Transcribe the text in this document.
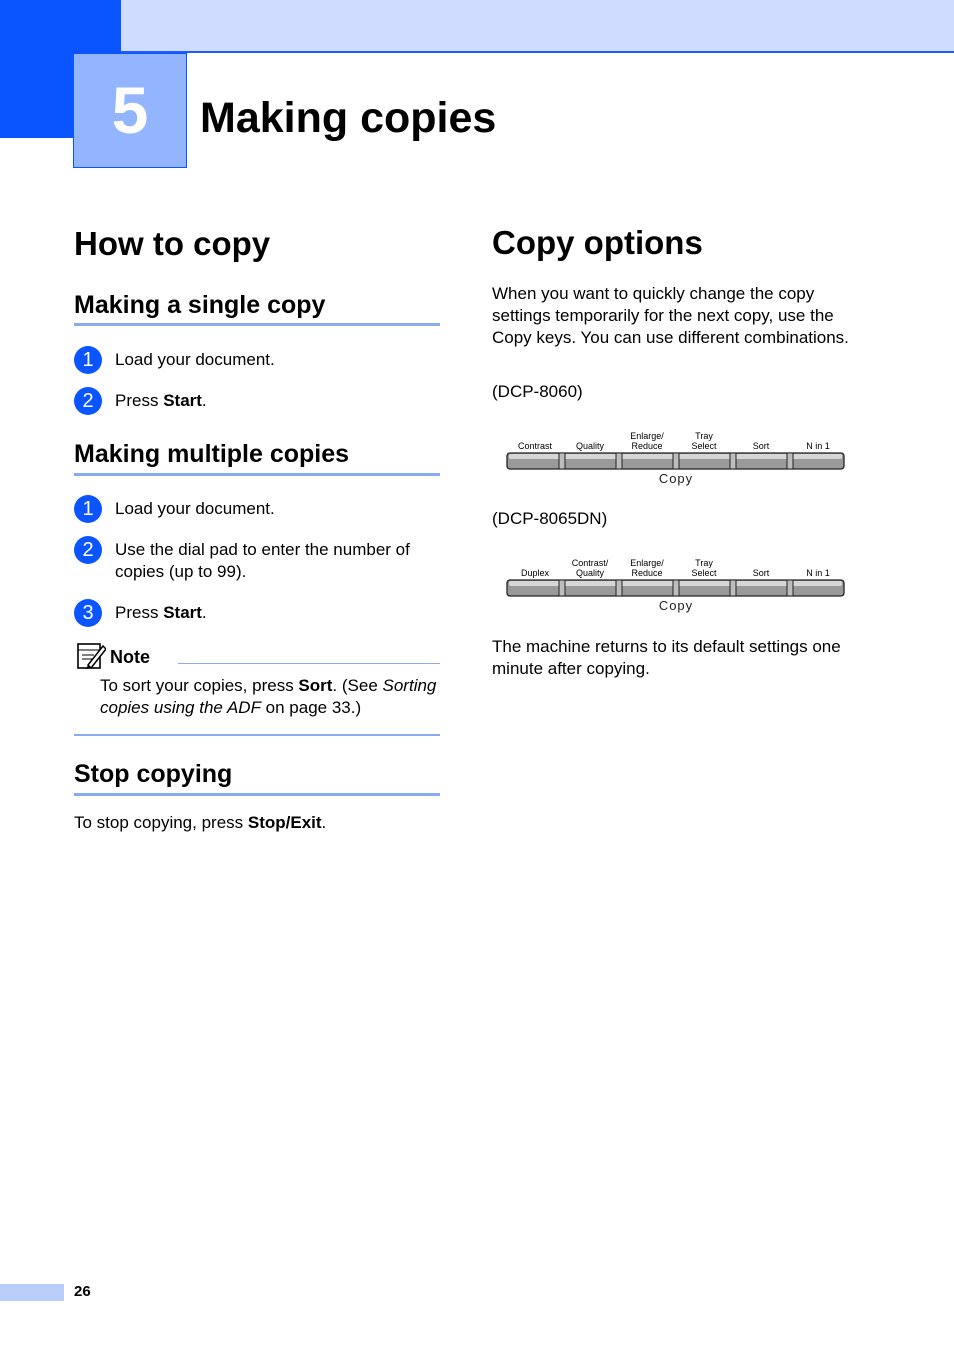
5	Making copies
How to copy
Making a single copy
1	Load your document.
2	Press Start.
Making multiple copies
1	Load your document.
2	Use the dial pad to enter the number of copies (up to 99).
3	Press Start.
Note

To sort your copies, press Sort. (See Sorting copies using the ADF on page 33.)

Stop copying

To stop copying, press Stop/Exit.

Copy options

When you want to quickly change the copy settings temporarily for the next copy, use the Copy keys. You can use different combinations.

(DCP-8060)

Contrast	Quality
Enlarge/
Reduce
Tray
Select	Sort	N in 1
Copy

(DCP-8065DN)

Duplex
Contrast/
Quality
Enlarge/
Reduce
Tray
Select	Sort	N in 1
Copy

The machine returns to its default settings one minute after copying.

26
